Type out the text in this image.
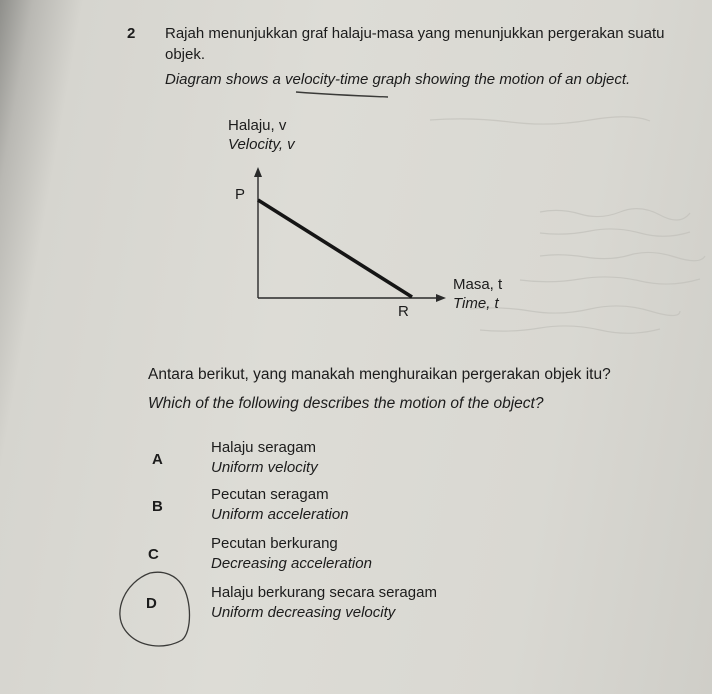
2 Rajah menunjukkan graf halaju-masa yang menunjukkan pergerakan suatu
objek.
Diagram shows a velocity-time graph showing the motion of an object.
Halaju, v
Velocity, v
P
R
Masa, t
Time, t
Antara berikut, yang manakah menghuraikan pergerakan objek itu?
Which of the following describes the motion of the object?
A
Halaju seragam
Uniform velocity
B
Pecutan seragam
Uniform acceleration
C
Pecutan berkurang
Decreasing acceleration
D
Halaju berkurang secara seragam
Uniform decreasing velocity
